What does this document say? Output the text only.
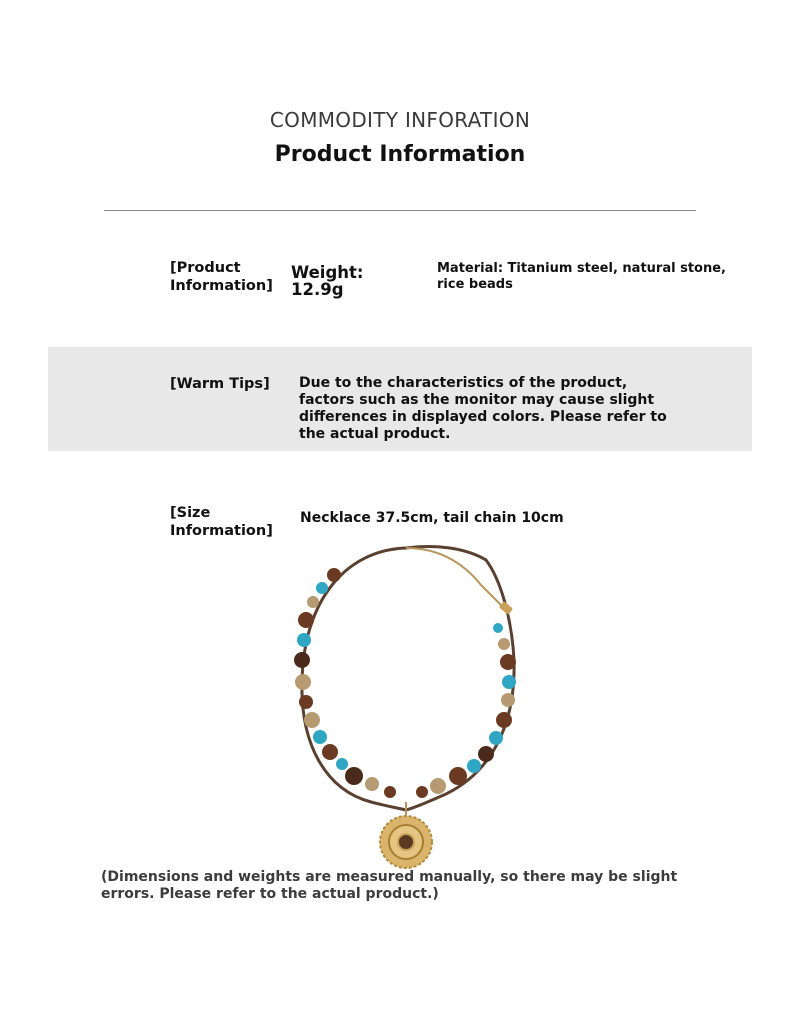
COMMODITY INFORATION
Product Information
[Product Information]
Weight: 12.9g
Material: Titanium steel, natural stone, rice beads
[Warm Tips]	Due to the characteristics of the product, factors such as the monitor may cause slight differences in displayed colors. Please refer to the actual product.
[Size Information]
Necklace 37.5cm, tail chain 10cm
(Dimensions and weights are measured manually, so there may be slight errors. Please refer to the actual product.)
